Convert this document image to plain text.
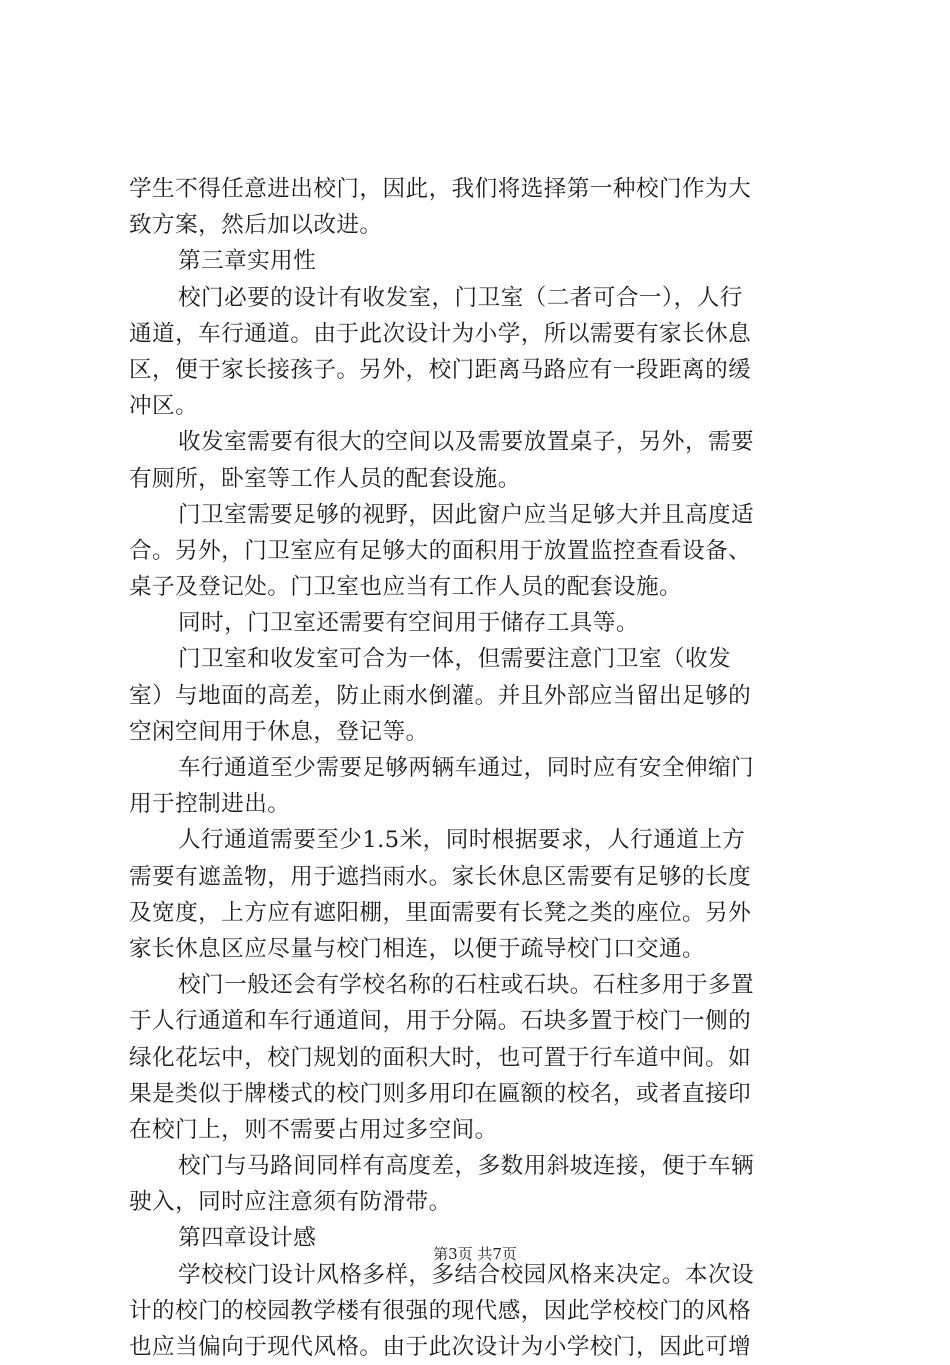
学生不得任意进出校门，因此，我们将选择第一种校门作为大
致方案，然后加以改进。
第三章实用性
校门必要的设计有收发室，门卫室（二者可合一），人行
通道，车行通道。由于此次设计为小学，所以需要有家长休息
区，便于家长接孩子。另外，校门距离马路应有一段距离的缓
冲区。
收发室需要有很大的空间以及需要放置桌子，另外，需要
有厕所，卧室等工作人员的配套设施。
门卫室需要足够的视野，因此窗户应当足够大并且高度适
合。另外，门卫室应有足够大的面积用于放置监控查看设备、
桌子及登记处。门卫室也应当有工作人员的配套设施。
同时，门卫室还需要有空间用于储存工具等。
门卫室和收发室可合为一体，但需要注意门卫室（收发
室）与地面的高差，防止雨水倒灌。并且外部应当留出足够的
空闲空间用于休息，登记等。
车行通道至少需要足够两辆车通过，同时应有安全伸缩门
用于控制进出。
人行通道需要至少1.5米，同时根据要求，人行通道上方
需要有遮盖物，用于遮挡雨水。家长休息区需要有足够的长度
及宽度，上方应有遮阳棚，里面需要有长凳之类的座位。另外
家长休息区应尽量与校门相连，以便于疏导校门口交通。
校门一般还会有学校名称的石柱或石块。石柱多用于多置
于人行通道和车行通道间，用于分隔。石块多置于校门一侧的
绿化花坛中，校门规划的面积大时，也可置于行车道中间。如
果是类似于牌楼式的校门则多用印在匾额的校名，或者直接印
在校门上，则不需要占用过多空间。
校门与马路间同样有高度差，多数用斜坡连接，便于车辆
驶入，同时应注意须有防滑带。
第四章设计感
学校校门设计风格多样，多结合校园风格来决定。本次设
计的校门的校园教学楼有很强的现代感，因此学校校门的风格
也应当偏向于现代风格。由于此次设计为小学校门，因此可增
第3页 共7页
